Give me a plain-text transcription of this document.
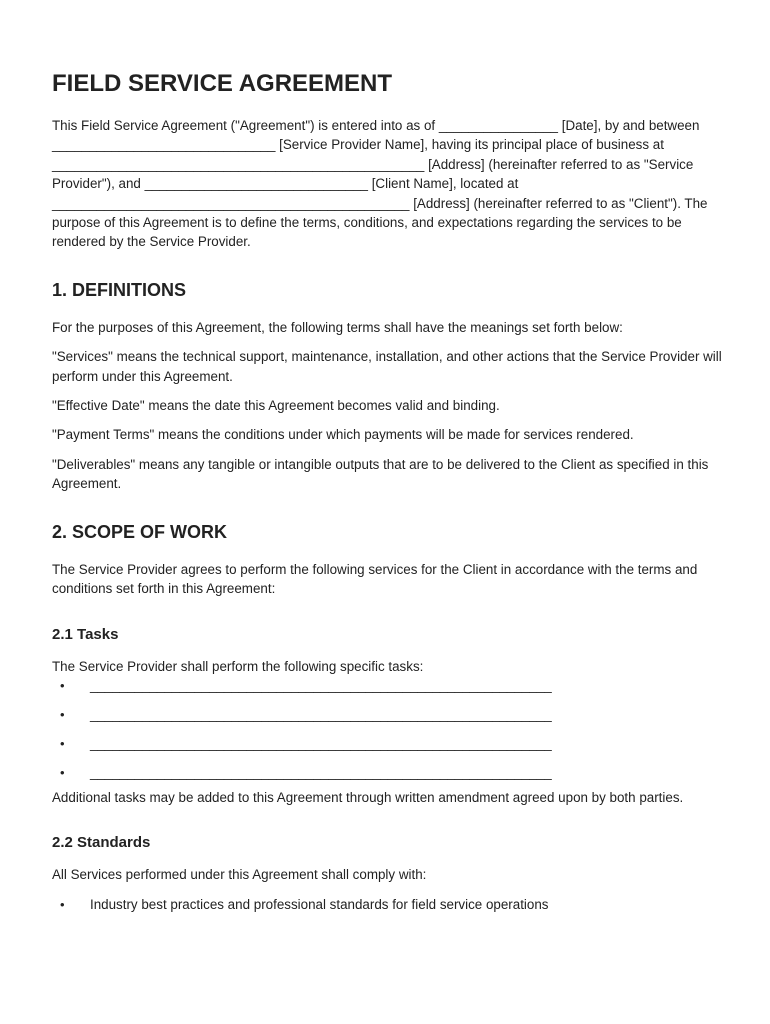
FIELD SERVICE AGREEMENT

This Field Service Agreement ("Agreement") is entered into as of ________________ [Date], by and between ______________________________ [Service Provider Name], having its principal place of business at __________________________________________________ [Address] (hereinafter referred to as "Service Provider"), and ______________________________ [Client Name], located at ________________________________________________ [Address] (hereinafter referred to as "Client"). The purpose of this Agreement is to define the terms, conditions, and expectations regarding the services to be rendered by the Service Provider.

1. DEFINITIONS

For the purposes of this Agreement, the following terms shall have the meanings set forth below:

"Services" means the technical support, maintenance, installation, and other actions that the Service Provider will perform under this Agreement.

"Effective Date" means the date this Agreement becomes valid and binding.

"Payment Terms" means the conditions under which payments will be made for services rendered.

"Deliverables" means any tangible or intangible outputs that are to be delivered to the Client as specified in this Agreement.

2. SCOPE OF WORK

The Service Provider agrees to perform the following services for the Client in accordance with the terms and conditions set forth in this Agreement:

2.1 Tasks

The Service Provider shall perform the following specific tasks:

• ______________________________________________________________
• ______________________________________________________________
• ______________________________________________________________
• ______________________________________________________________

Additional tasks may be added to this Agreement through written amendment agreed upon by both parties.

2.2 Standards

All Services performed under this Agreement shall comply with:

• Industry best practices and professional standards for field service operations
